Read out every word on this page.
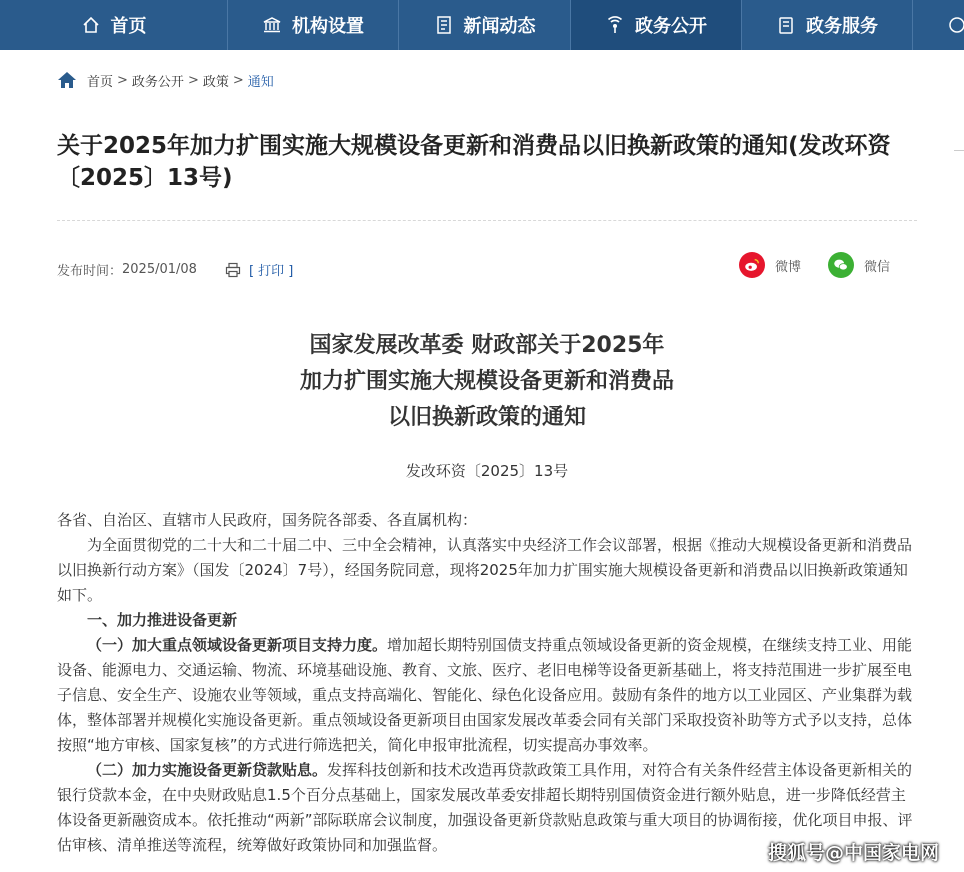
首页	机构设置	新闻动态	政务公开	政务服务
首页 > 政务公开 > 政策 > 通知
关于2025年加力扩围实施大规模设备更新和消费品以旧换新政策的通知(发改环资〔2025〕13号)
发布时间： 2025/01/08	[ 打印 ]	微博	微信
国家发展改革委 财政部关于2025年
加力扩围实施大规模设备更新和消费品
以旧换新政策的通知
发改环资〔2025〕13号

各省、自治区、直辖市人民政府，国务院各部委、各直属机构：

为全面贯彻党的二十大和二十届二中、三中全会精神，认真落实中央经济工作会议部署，根据《推动大规模设备更新和消费品以旧换新行动方案》（国发〔2024〕7号），经国务院同意，现将2025年加力扩围实施大规模设备更新和消费品以旧换新政策通知如下。

一、加力推进设备更新

（一）加大重点领域设备更新项目支持力度。增加超长期特别国债支持重点领域设备更新的资金规模，在继续支持工业、用能设备、能源电力、交通运输、物流、环境基础设施、教育、文旅、医疗、老旧电梯等设备更新基础上，将支持范围进一步扩展至电子信息、安全生产、设施农业等领域，重点支持高端化、智能化、绿色化设备应用。鼓励有条件的地方以工业园区、产业集群为载体，整体部署并规模化实施设备更新。重点领域设备更新项目由国家发展改革委会同有关部门采取投资补助等方式予以支持，总体按照“地方审核、国家复核”的方式进行筛选把关，简化申报审批流程，切实提高办事效率。

（二）加力实施设备更新贷款贴息。发挥科技创新和技术改造再贷款政策工具作用，对符合有关条件经营主体设备更新相关的银行贷款本金，在中央财政贴息1.5个百分点基础上，国家发展改革委安排超长期特别国债资金进行额外贴息，进一步降低经营主体设备更新融资成本。依托推动“两新”部际联席会议制度，加强设备更新贷款贴息政策与重大项目的协调衔接，优化项目申报、评估审核、清单推送等流程，统筹做好政策协同和加强监督。	搜狐号@中国家电网
